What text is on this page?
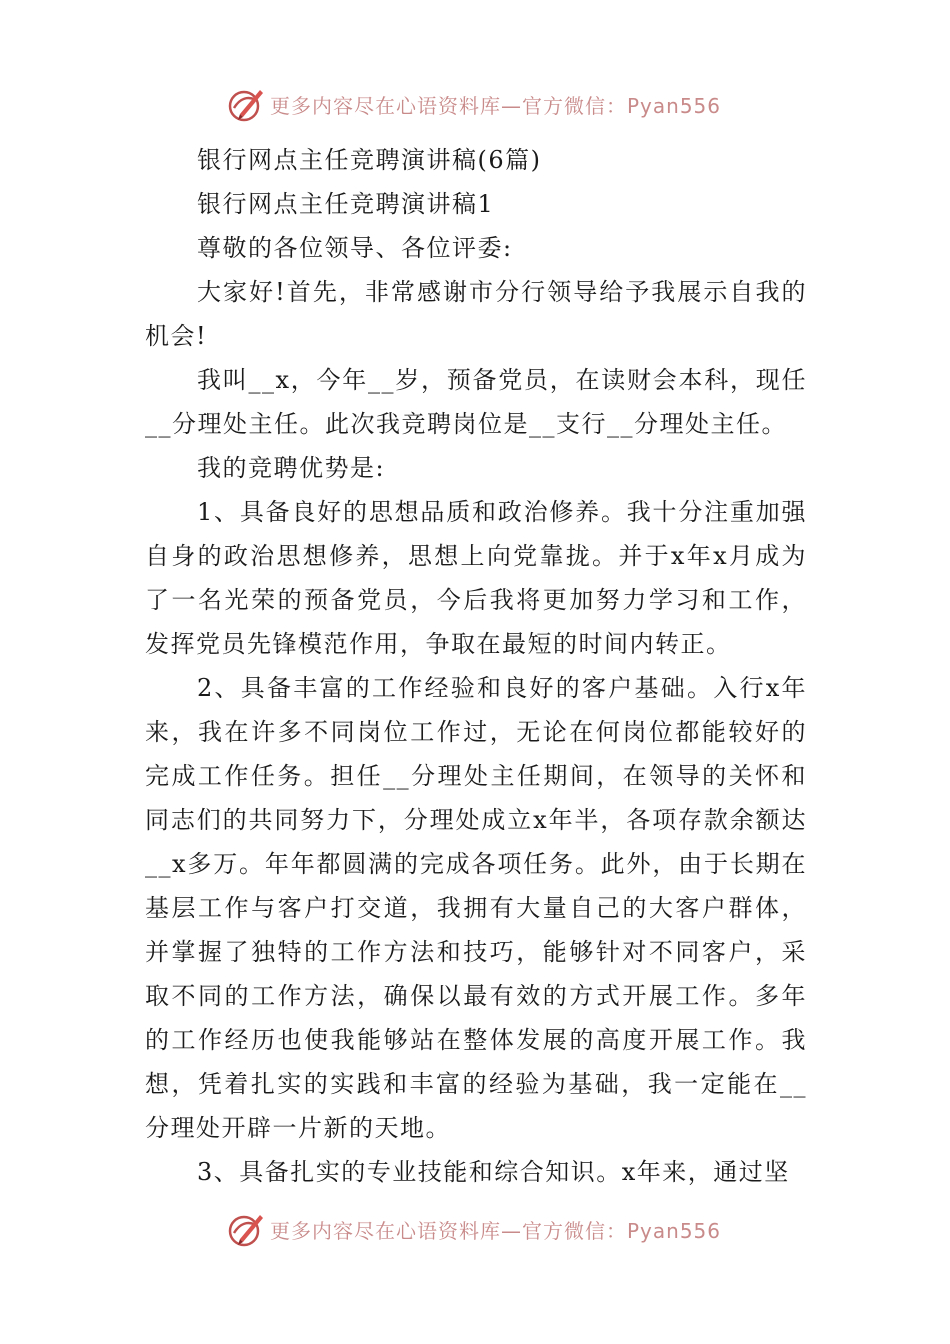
更多内容尽在心语资料库—官方微信：Pyan556

银行网点主任竞聘演讲稿(6篇)

银行网点主任竞聘演讲稿1

尊敬的各位领导、各位评委:

大家好!首先，非常感谢市分行领导给予我展示自我的机会!

我叫__x，今年__岁，预备党员，在读财会本科，现任__分理处主任。此次我竞聘岗位是__支行__分理处主任。

我的竞聘优势是:

1、具备良好的思想品质和政治修养。我十分注重加强自身的政治思想修养，思想上向党靠拢。并于x年x月成为了一名光荣的预备党员，今后我将更加努力学习和工作，发挥党员先锋模范作用，争取在最短的时间内转正。

2、具备丰富的工作经验和良好的客户基础。入行x年来，我在许多不同岗位工作过，无论在何岗位都能较好的完成工作任务。担任__分理处主任期间，在领导的关怀和同志们的共同努力下，分理处成立x年半，各项存款余额达__x多万。年年都圆满的完成各项任务。此外，由于长期在基层工作与客户打交道，我拥有大量自己的大客户群体，并掌握了独特的工作方法和技巧，能够针对不同客户，采取不同的工作方法，确保以最有效的方式开展工作。多年的工作经历也使我能够站在整体发展的高度开展工作。我想，凭着扎实的实践和丰富的经验为基础，我一定能在__分理处开辟一片新的天地。

3、具备扎实的专业技能和综合知识。x年来，通过坚

更多内容尽在心语资料库—官方微信：Pyan556
